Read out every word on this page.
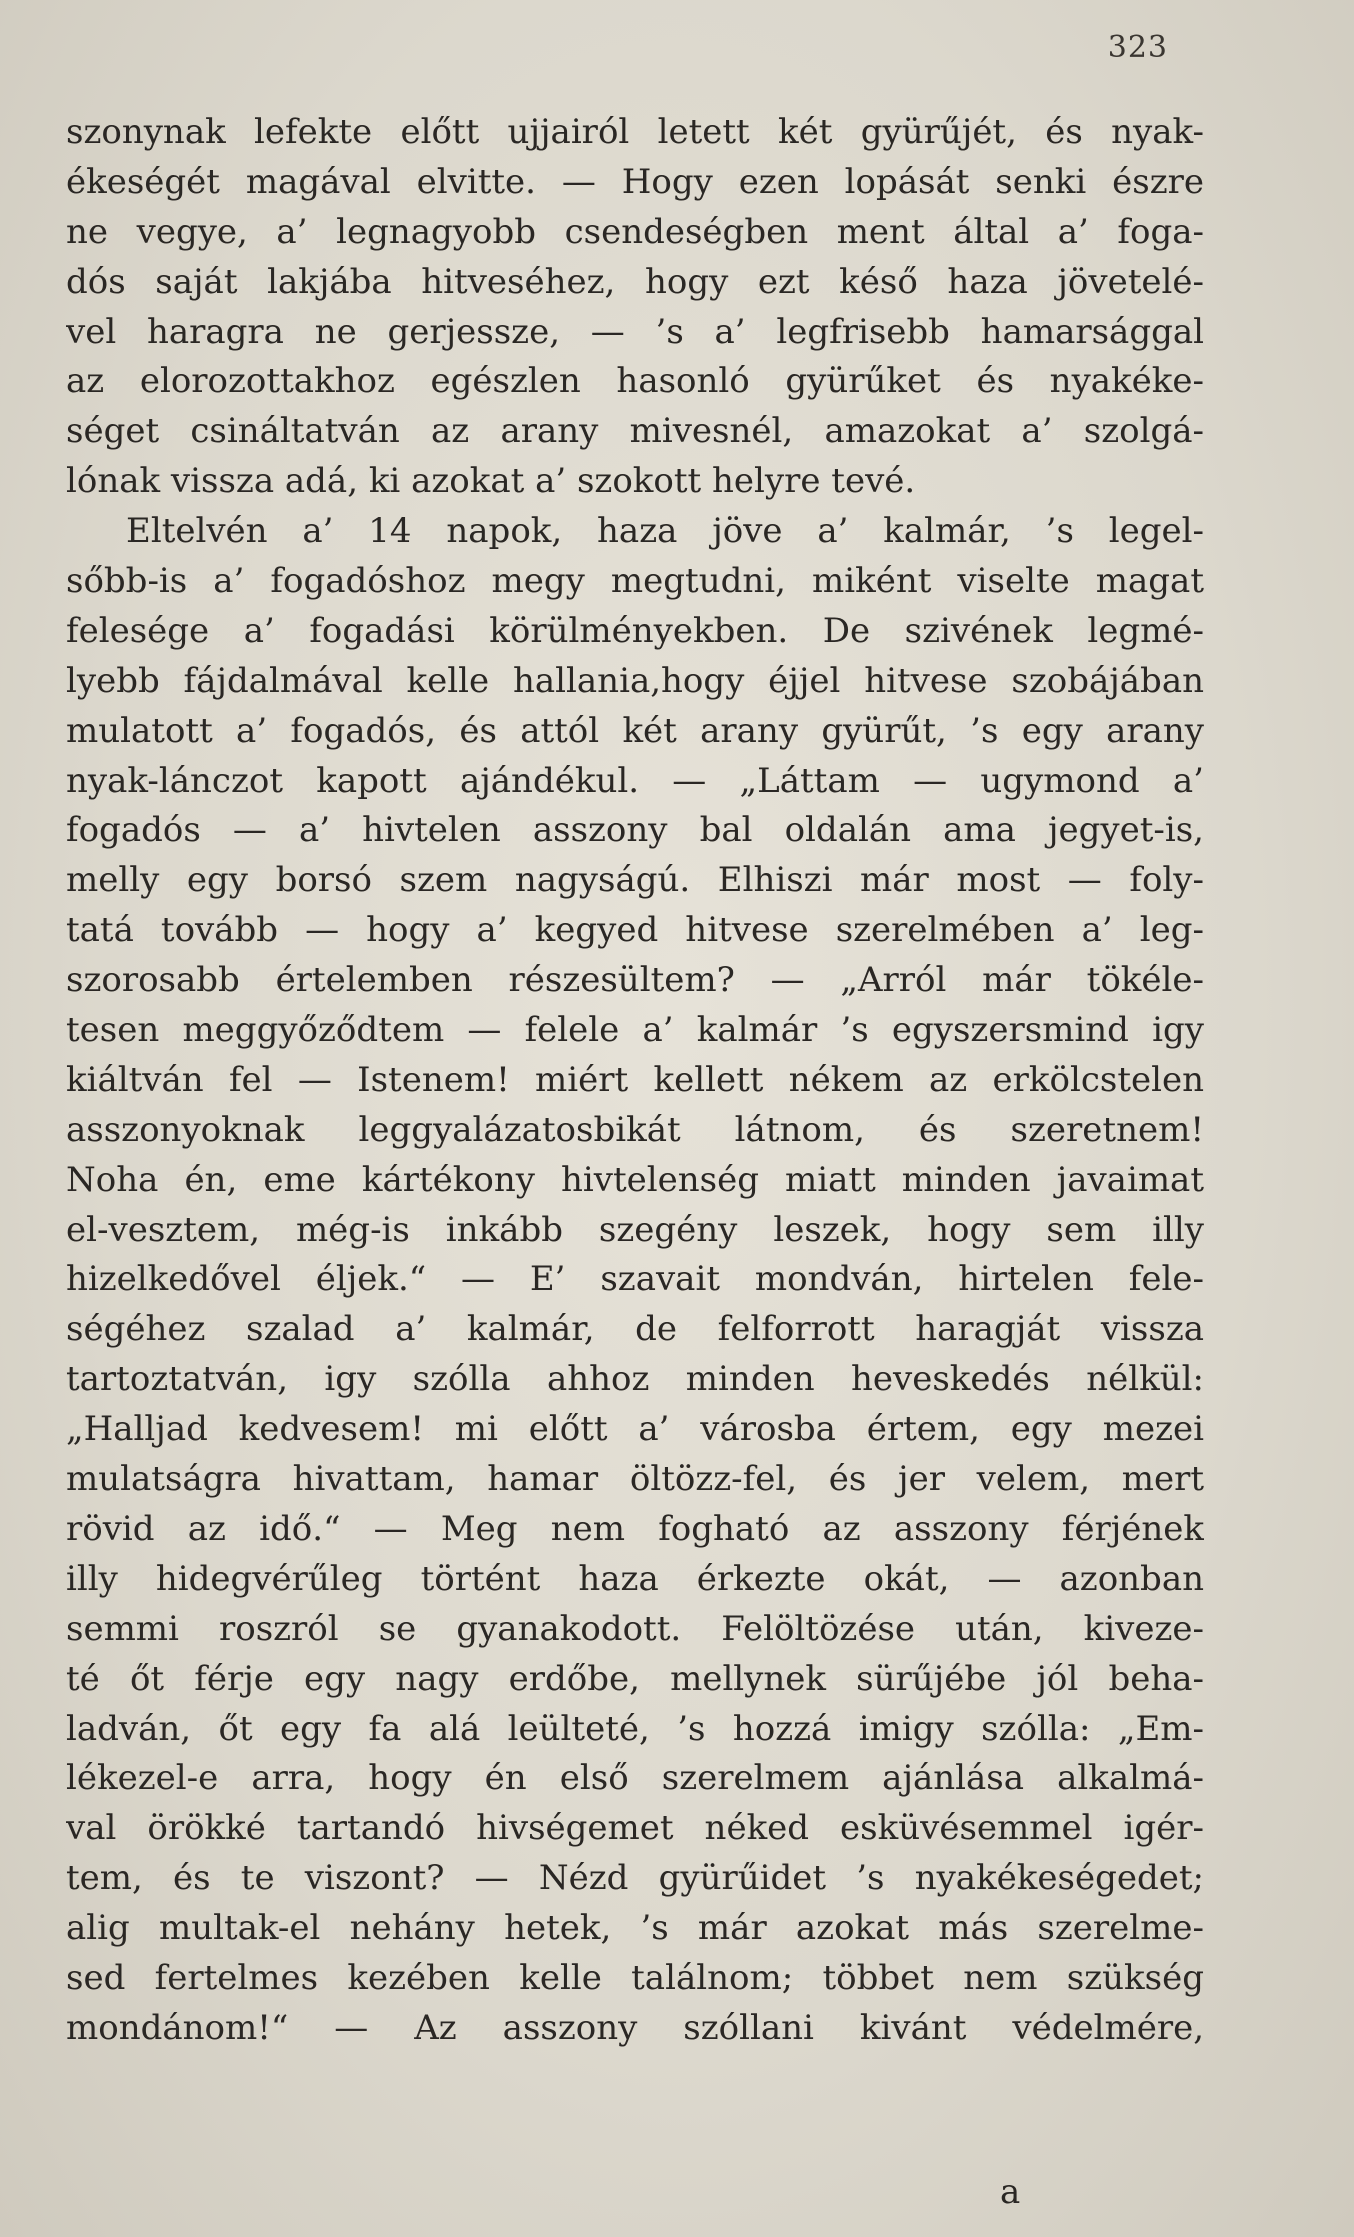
323
szonynak lefekte előtt ujjairól letett két gyürűjét, és nyak-
ékeségét magával elvitte. — Hogy ezen lopását senki észre
ne vegye, a’ legnagyobb csendeségben ment által a’ foga-
dós saját lakjába hitveséhez, hogy ezt késő haza jövetelé-
vel haragra ne gerjessze, — ’s a’ legfrisebb hamarsággal
az elorozottakhoz egészlen hasonló gyürűket és nyakéke-
séget csináltatván az arany mivesnél, amazokat a’ szolgá-
lónak vissza adá, ki azokat a’ szokott helyre tevé.
Eltelvén a’ 14 napok, haza jöve a’ kalmár, ’s legel-
sőbb-is a’ fogadóshoz megy megtudni, miként viselte magat
felesége a’ fogadási körülményekben. De szivének legmé-
lyebb fájdalmával kelle hallania,hogy éjjel hitvese szobájában
mulatott a’ fogadós, és attól két arany gyürűt, ’s egy arany
nyak-lánczot kapott ajándékul. — „Láttam — ugymond a’
fogadós — a’ hivtelen asszony bal oldalán ama jegyet-is,
melly egy borsó szem nagyságú. Elhiszi már most — foly-
tatá tovább — hogy a’ kegyed hitvese szerelmében a’ leg-
szorosabb értelemben részesültem? — „Arról már tökéle-
tesen meggyőződtem — felele a’ kalmár ’s egyszersmind igy
kiáltván fel — Istenem! miért kellett nékem az erkölcstelen
asszonyoknak leggyalázatosbikát látnom, és szeretnem!
Noha én, eme kártékony hivtelenség miatt minden javaimat
el-vesztem, még-is inkább szegény leszek, hogy sem illy
hizelkedővel éljek.“ — E’ szavait mondván, hirtelen fele-
ségéhez szalad a’ kalmár, de felforrott haragját vissza
tartoztatván, igy szólla ahhoz minden heveskedés nélkül:
„Halljad kedvesem! mi előtt a’ városba értem, egy mezei
mulatságra hivattam, hamar öltözz-fel, és jer velem, mert
rövid az idő.“ — Meg nem fogható az asszony férjének
illy hidegvérűleg történt haza érkezte okát, — azonban
semmi roszról se gyanakodott. Felöltözése után, kiveze-
té őt férje egy nagy erdőbe, mellynek sürűjébe jól beha-
ladván, őt egy fa alá leülteté, ’s hozzá imigy szólla: „Em-
lékezel-e arra, hogy én első szerelmem ajánlása alkalmá-
val örökké tartandó hivségemet néked esküvésemmel igér-
tem, és te viszont? — Nézd gyürűidet ’s nyakékeségedet;
alig multak-el nehány hetek, ’s már azokat más szerelme-
sed fertelmes kezében kelle találnom; többet nem szükség
mondánom!“ — Az asszony szóllani kivánt védelmére,
a
